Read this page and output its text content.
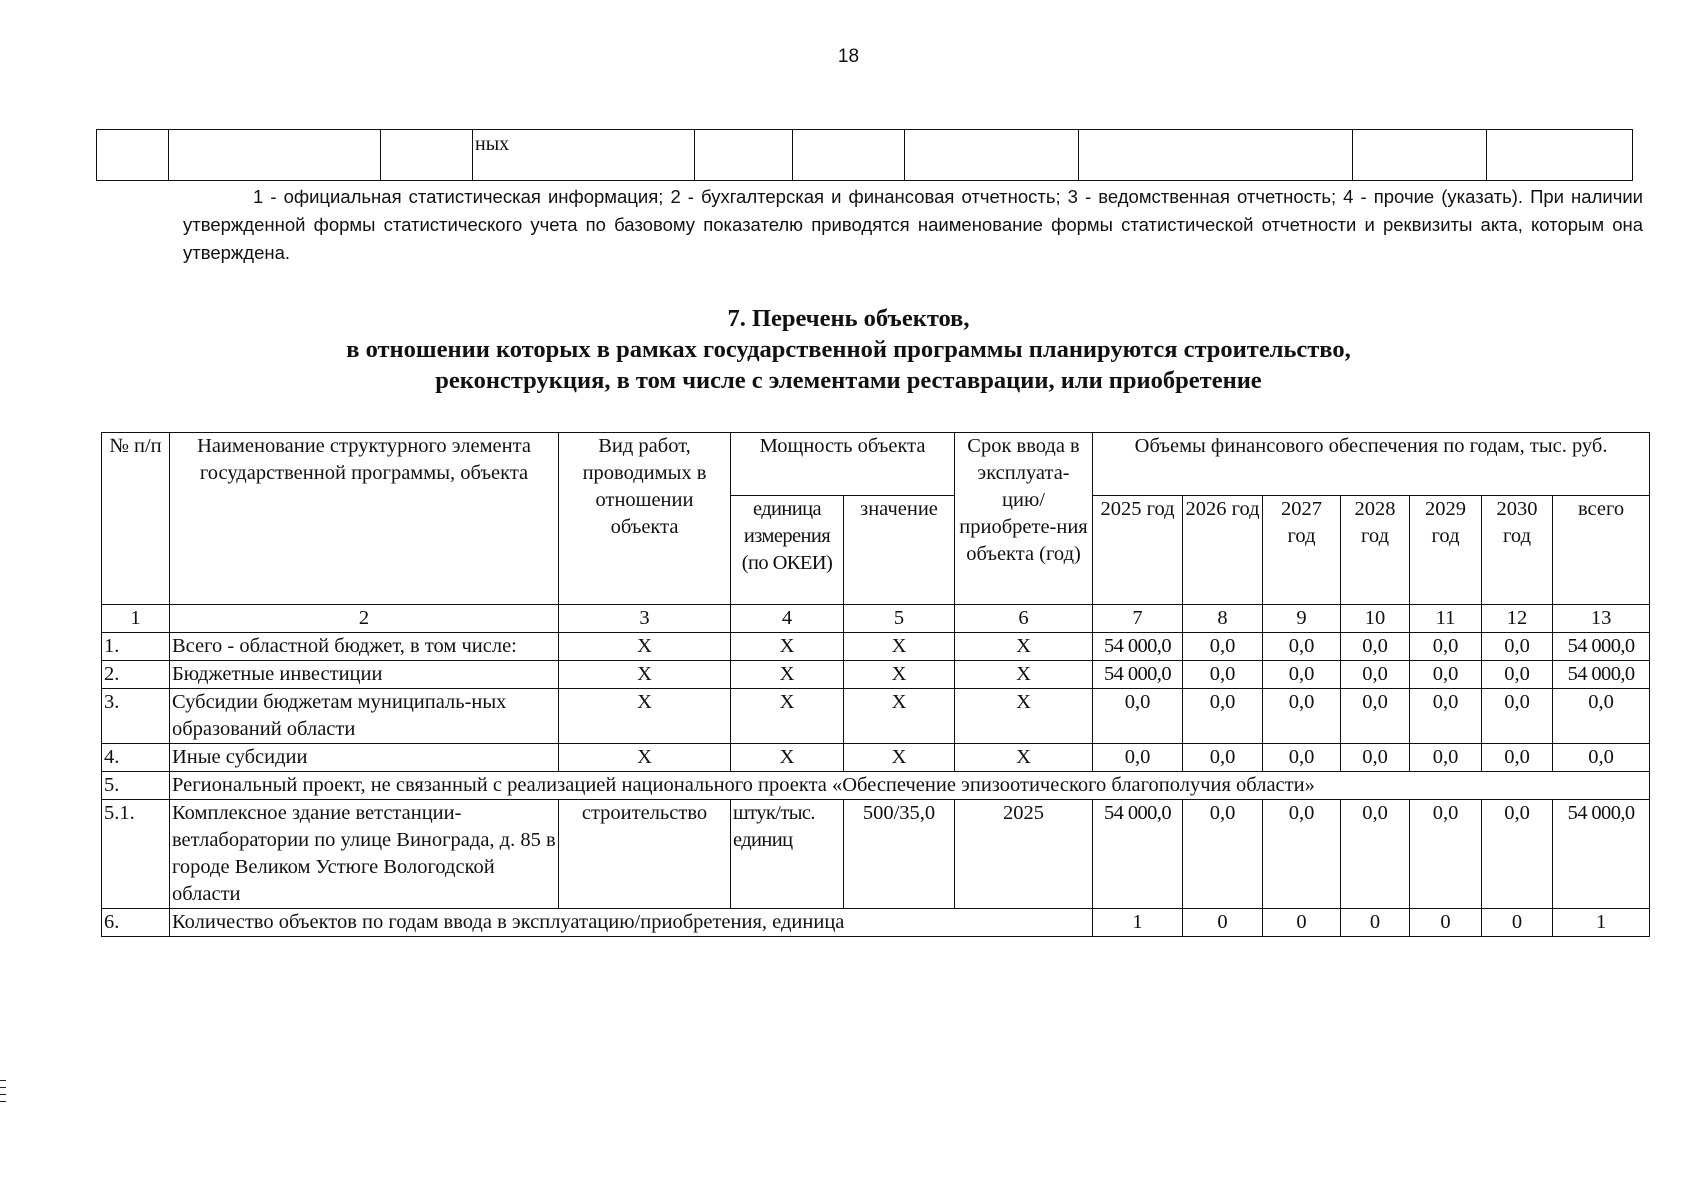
18
			ных						
1 - официальная статистическая информация; 2 - бухгалтерская и финансовая отчетность; 3 - ведомственная отчетность; 4 - прочие (указать). При наличии утвержденной формы статистического учета по базовому показателю приводятся наименование формы статистической отчетности и реквизиты акта, которым она утверждена.
7. Перечень объектов,
в отношении которых в рамках государственной программы планируются строительство,
реконструкция, в том числе с элементами реставрации, или приобретение
№ п/п	Наименование структурного элемента государственной программы, объекта	Вид работ, проводимых в отношении объекта	Мощность объекта		Срок ввода в эксплуата-цию/ приобрете-ния объекта (год)	Объемы финансового обеспечения по годам, тыс. руб.						
			единица измерения (по ОКЕИ)	значение		2025 год	2026 год	2027 год	2028 год	2029 год	2030 год	всего
1	2	3	4	5	6	7	8	9	10	11	12	13
1.	Всего - областной бюджет, в том числе:	Х	Х	Х	Х	54 000,0	0,0	0,0	0,0	0,0	0,0	54 000,0
2.	Бюджетные инвестиции	Х	Х	Х	Х	54 000,0	0,0	0,0	0,0	0,0	0,0	54 000,0
3.	Субсидии бюджетам муниципаль-ных образований области	Х	Х	Х	Х	0,0	0,0	0,0	0,0	0,0	0,0	0,0
4.	Иные субсидии	Х	Х	Х	Х	0,0	0,0	0,0	0,0	0,0	0,0	0,0
5.	Региональный проект, не связанный с реализацией национального проекта «Обеспечение эпизоотического благополучия области»											
5.1.	Комплексное здание ветстанции-ветлаборатории по улице Винограда, д. 85 в городе Великом Устюге Вологодской области	строительство	штук/тыс. единиц	500/35,0	2025	54 000,0	0,0	0,0	0,0	0,0	0,0	54 000,0
6.	Количество объектов по годам ввода в эксплуатацию/приобретения, единица					1	0	0	0	0	0	1
